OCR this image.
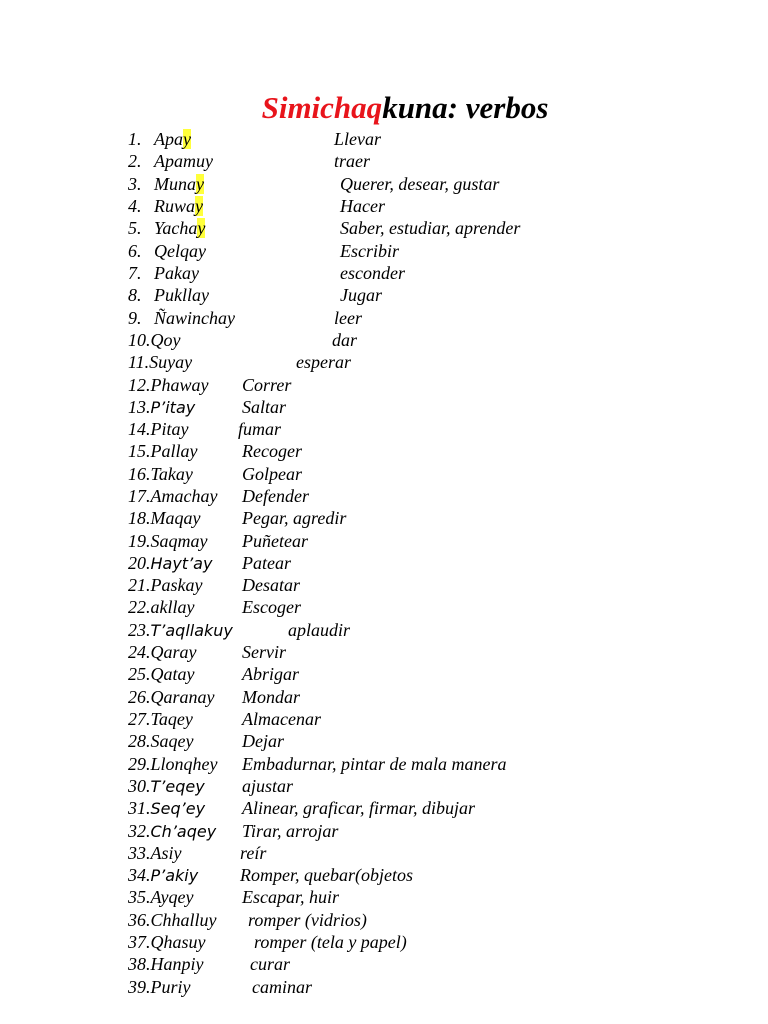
Simichaqkuna: verbos
1. Apay	Llevar
2. Apamuy	traer
3. Munay	Querer, desear, gustar
4. Ruway	Hacer
5. Yachay	Saber, estudiar, aprender
6. Qelqay	Escribir
7. Pakay	esconder
8. Pukllay	Jugar
9. Ñawinchay	leer
10.Qoy	dar
11.Suyay	esperar
12.Phaway Correr
13.P’itay	Saltar
14.Pitay	fumar
15.Pallay Recoger
16.Takay	Golpear
17.Amachay Defender
18.Maqay Pegar, agredir
19.Saqmay Puñetear
20.Hayt’ay Patear
21.Paskay Desatar
22.akllay	Escoger
23.T’aqllakuy	aplaudir
24.Qaray	Servir
25.Qatay	Abrigar
26.Qaranay Mondar
27.Taqey	Almacenar
28.Saqey	Dejar
29.Llonqhey Embadurnar, pintar de mala manera
30.T’eqey ajustar
31.Seq’ey Alinear, graficar, firmar, dibujar
32.Ch’aqey Tirar, arrojar
33.Asiy	reír
34.P’akiy Romper, quebar(objetos
35.Ayqey	Escapar, huir
36.Chhalluy romper (vidrios)
37.Qhasuy	romper (tela y papel)
38.Hanpiy	curar
39.Puriy	caminar
